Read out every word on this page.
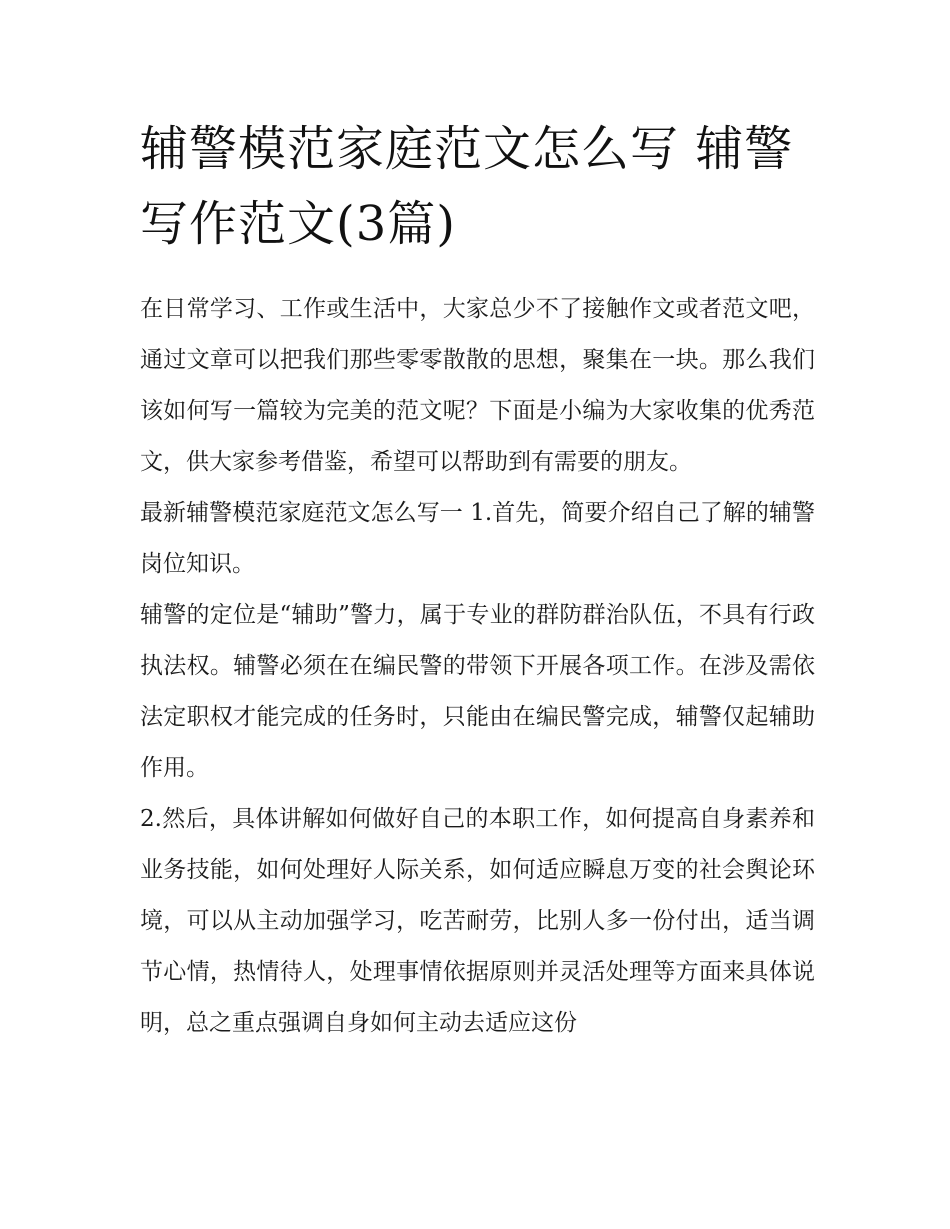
辅警模范家庭范文怎么写 辅警写作范文(3篇)

在日常学习、工作或生活中，大家总少不了接触作文或者范文吧，通过文章可以把我们那些零零散散的思想，聚集在一块。那么我们该如何写一篇较为完美的范文呢？下面是小编为大家收集的优秀范文，供大家参考借鉴，希望可以帮助到有需要的朋友。

最新辅警模范家庭范文怎么写一 1.首先，简要介绍自己了解的辅警岗位知识。

辅警的定位是“辅助”警力，属于专业的群防群治队伍，不具有行政执法权。辅警必须在在编民警的带领下开展各项工作。在涉及需依法定职权才能完成的任务时，只能由在编民警完成，辅警仅起辅助作用。

2.然后，具体讲解如何做好自己的本职工作，如何提高自身素养和业务技能，如何处理好人际关系，如何适应瞬息万变的社会舆论环境，可以从主动加强学习，吃苦耐劳，比别人多一份付出，适当调节心情，热情待人，处理事情依据原则并灵活处理等方面来具体说明，总之重点强调自身如何主动去适应这份
